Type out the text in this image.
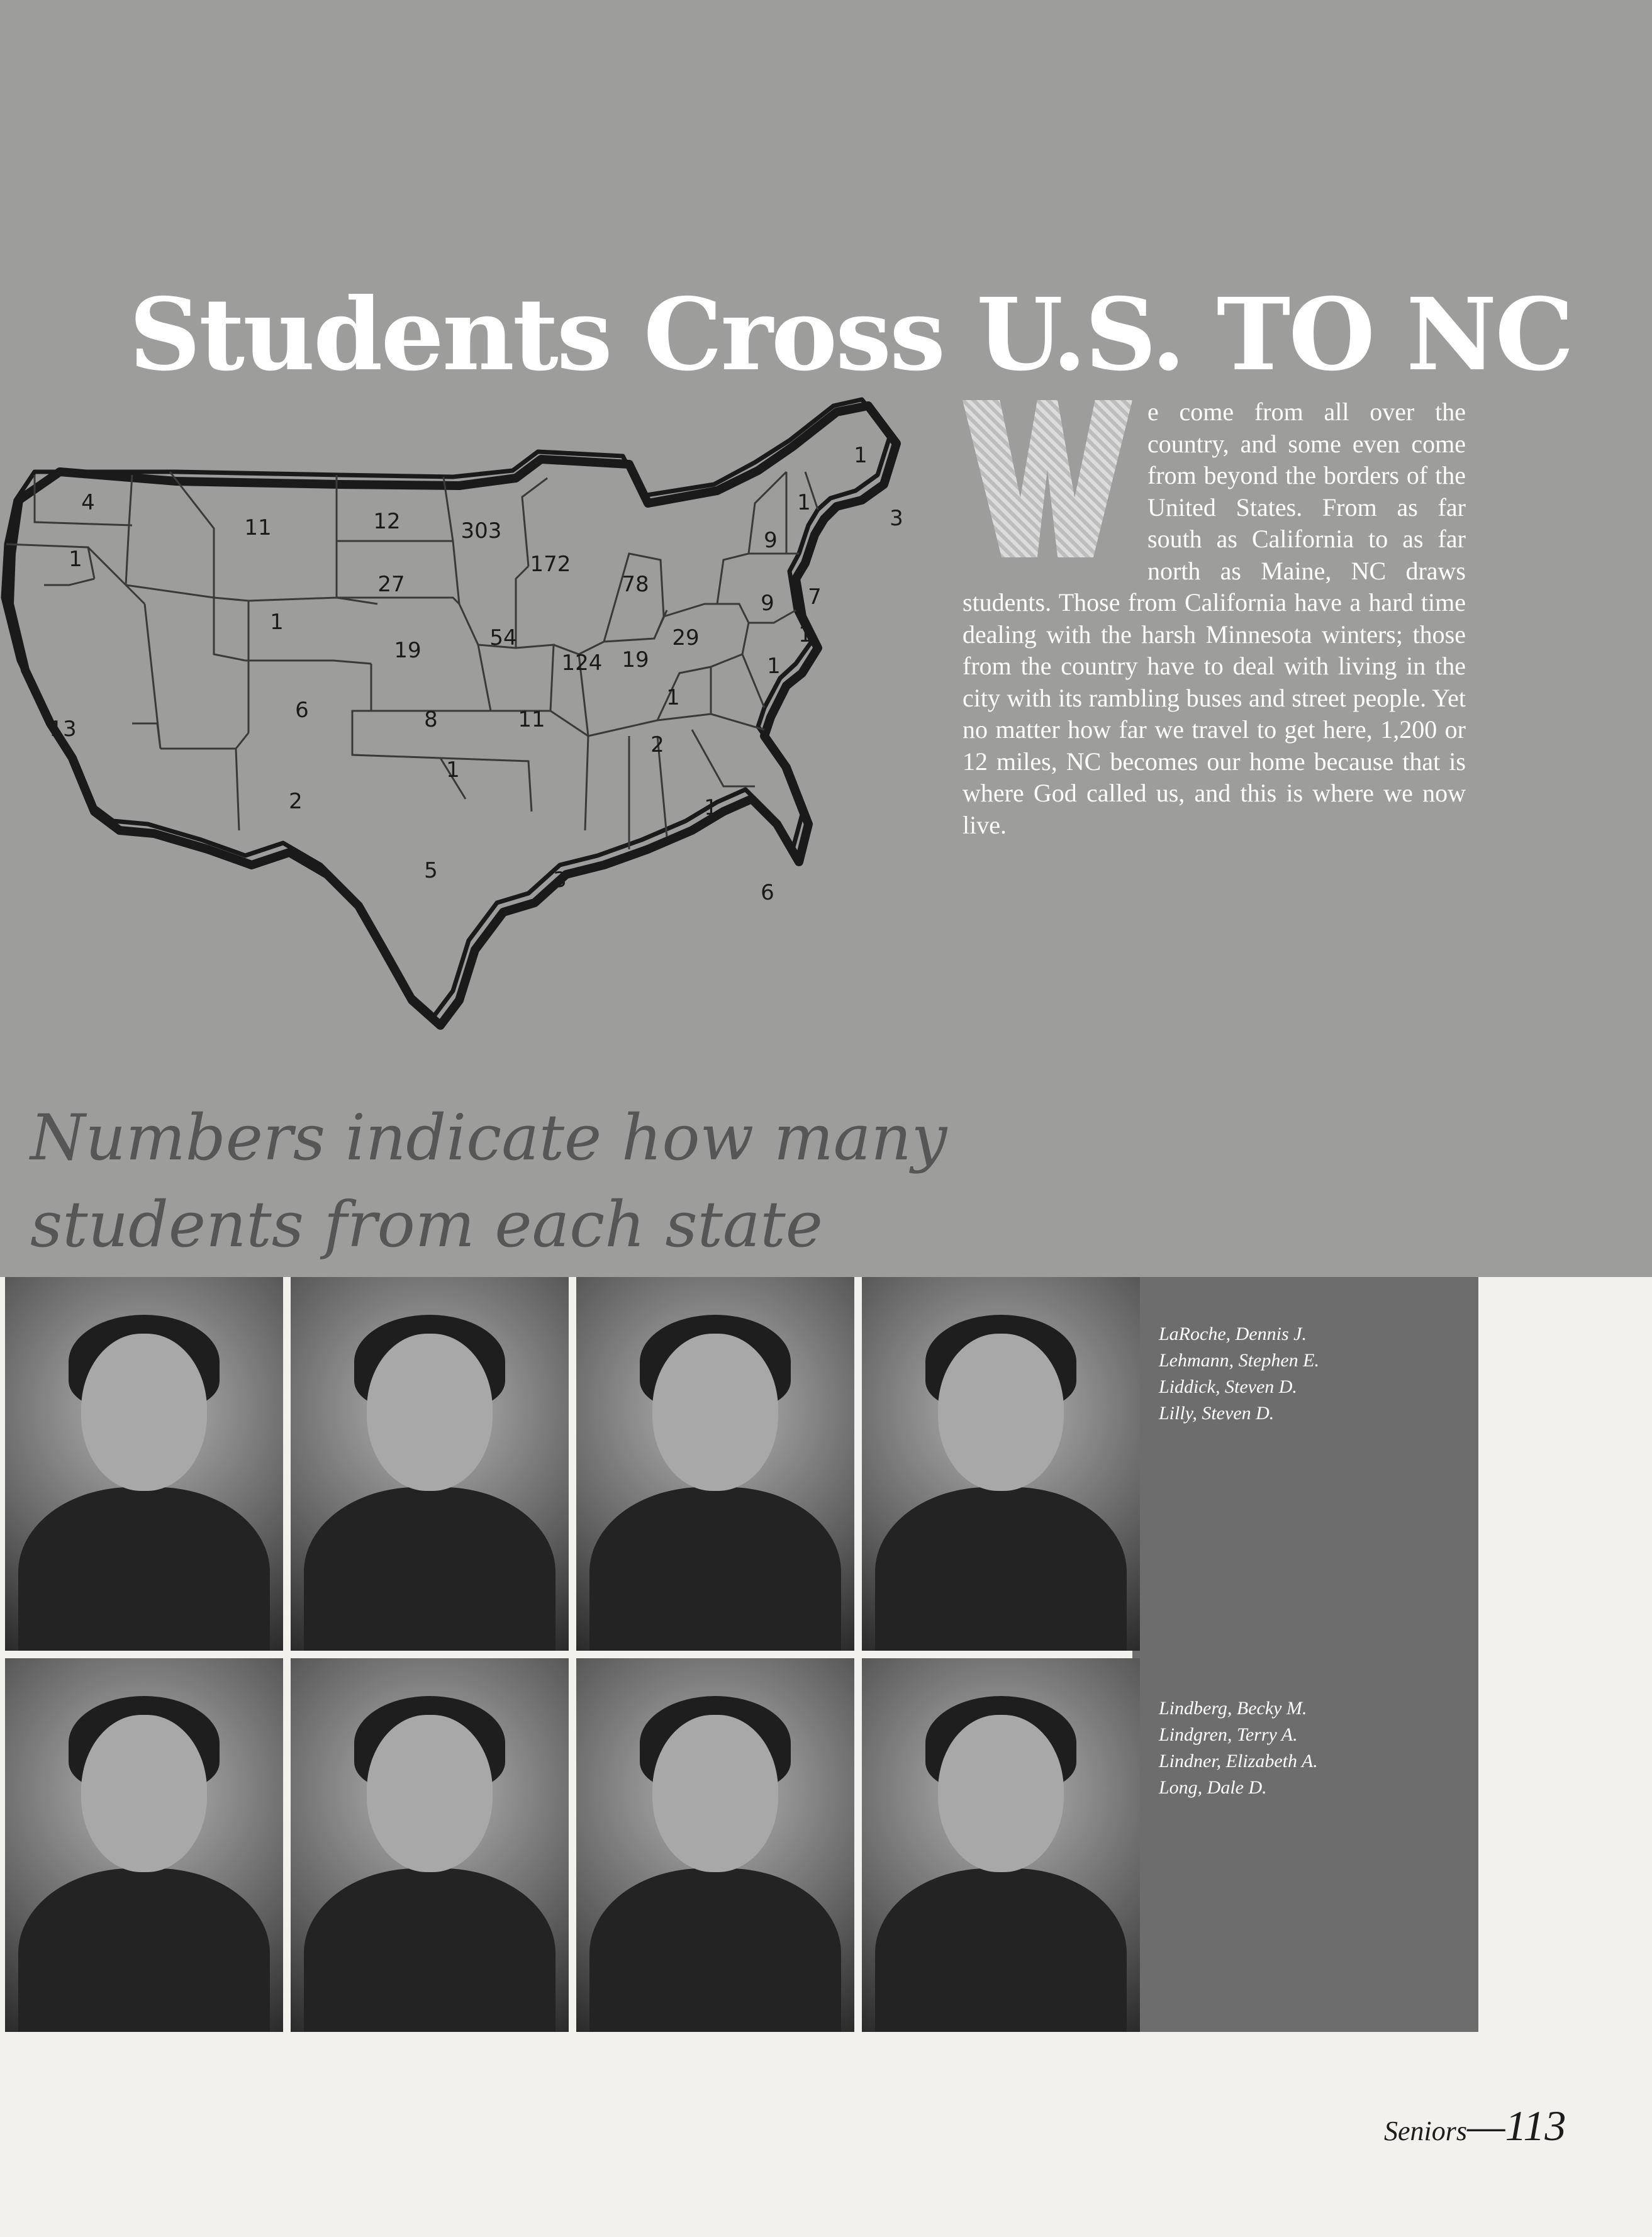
Students Cross U.S. TO NC
4
1
13
11
1
6
2
12
27
19
8
1
5
303
54
11
172
124 19
78
29
1
2
1
3
1
6
9
9 7
1
1
1
3
e come from all over the country, and some even come from beyond the borders of the United States. From as far south as California to as far north as Maine, NC draws students. Those from California have a hard time dealing with the harsh Minnesota winters; those from the country have to deal with living in the city with its rambling buses and street people. Yet no matter how far we travel to get here, 1,200 or 12 miles, NC becomes our home because that is where God called us, and this is where we now live.
Numbers indicate how many
students from each state
LaRoche, Dennis J.
Lehmann, Stephen E.
Liddick, Steven D.
Lilly, Steven D.
Lindberg, Becky M.
Lindgren, Terry A.
Lindner, Elizabeth A.
Long, Dale D.
Seniors—113
